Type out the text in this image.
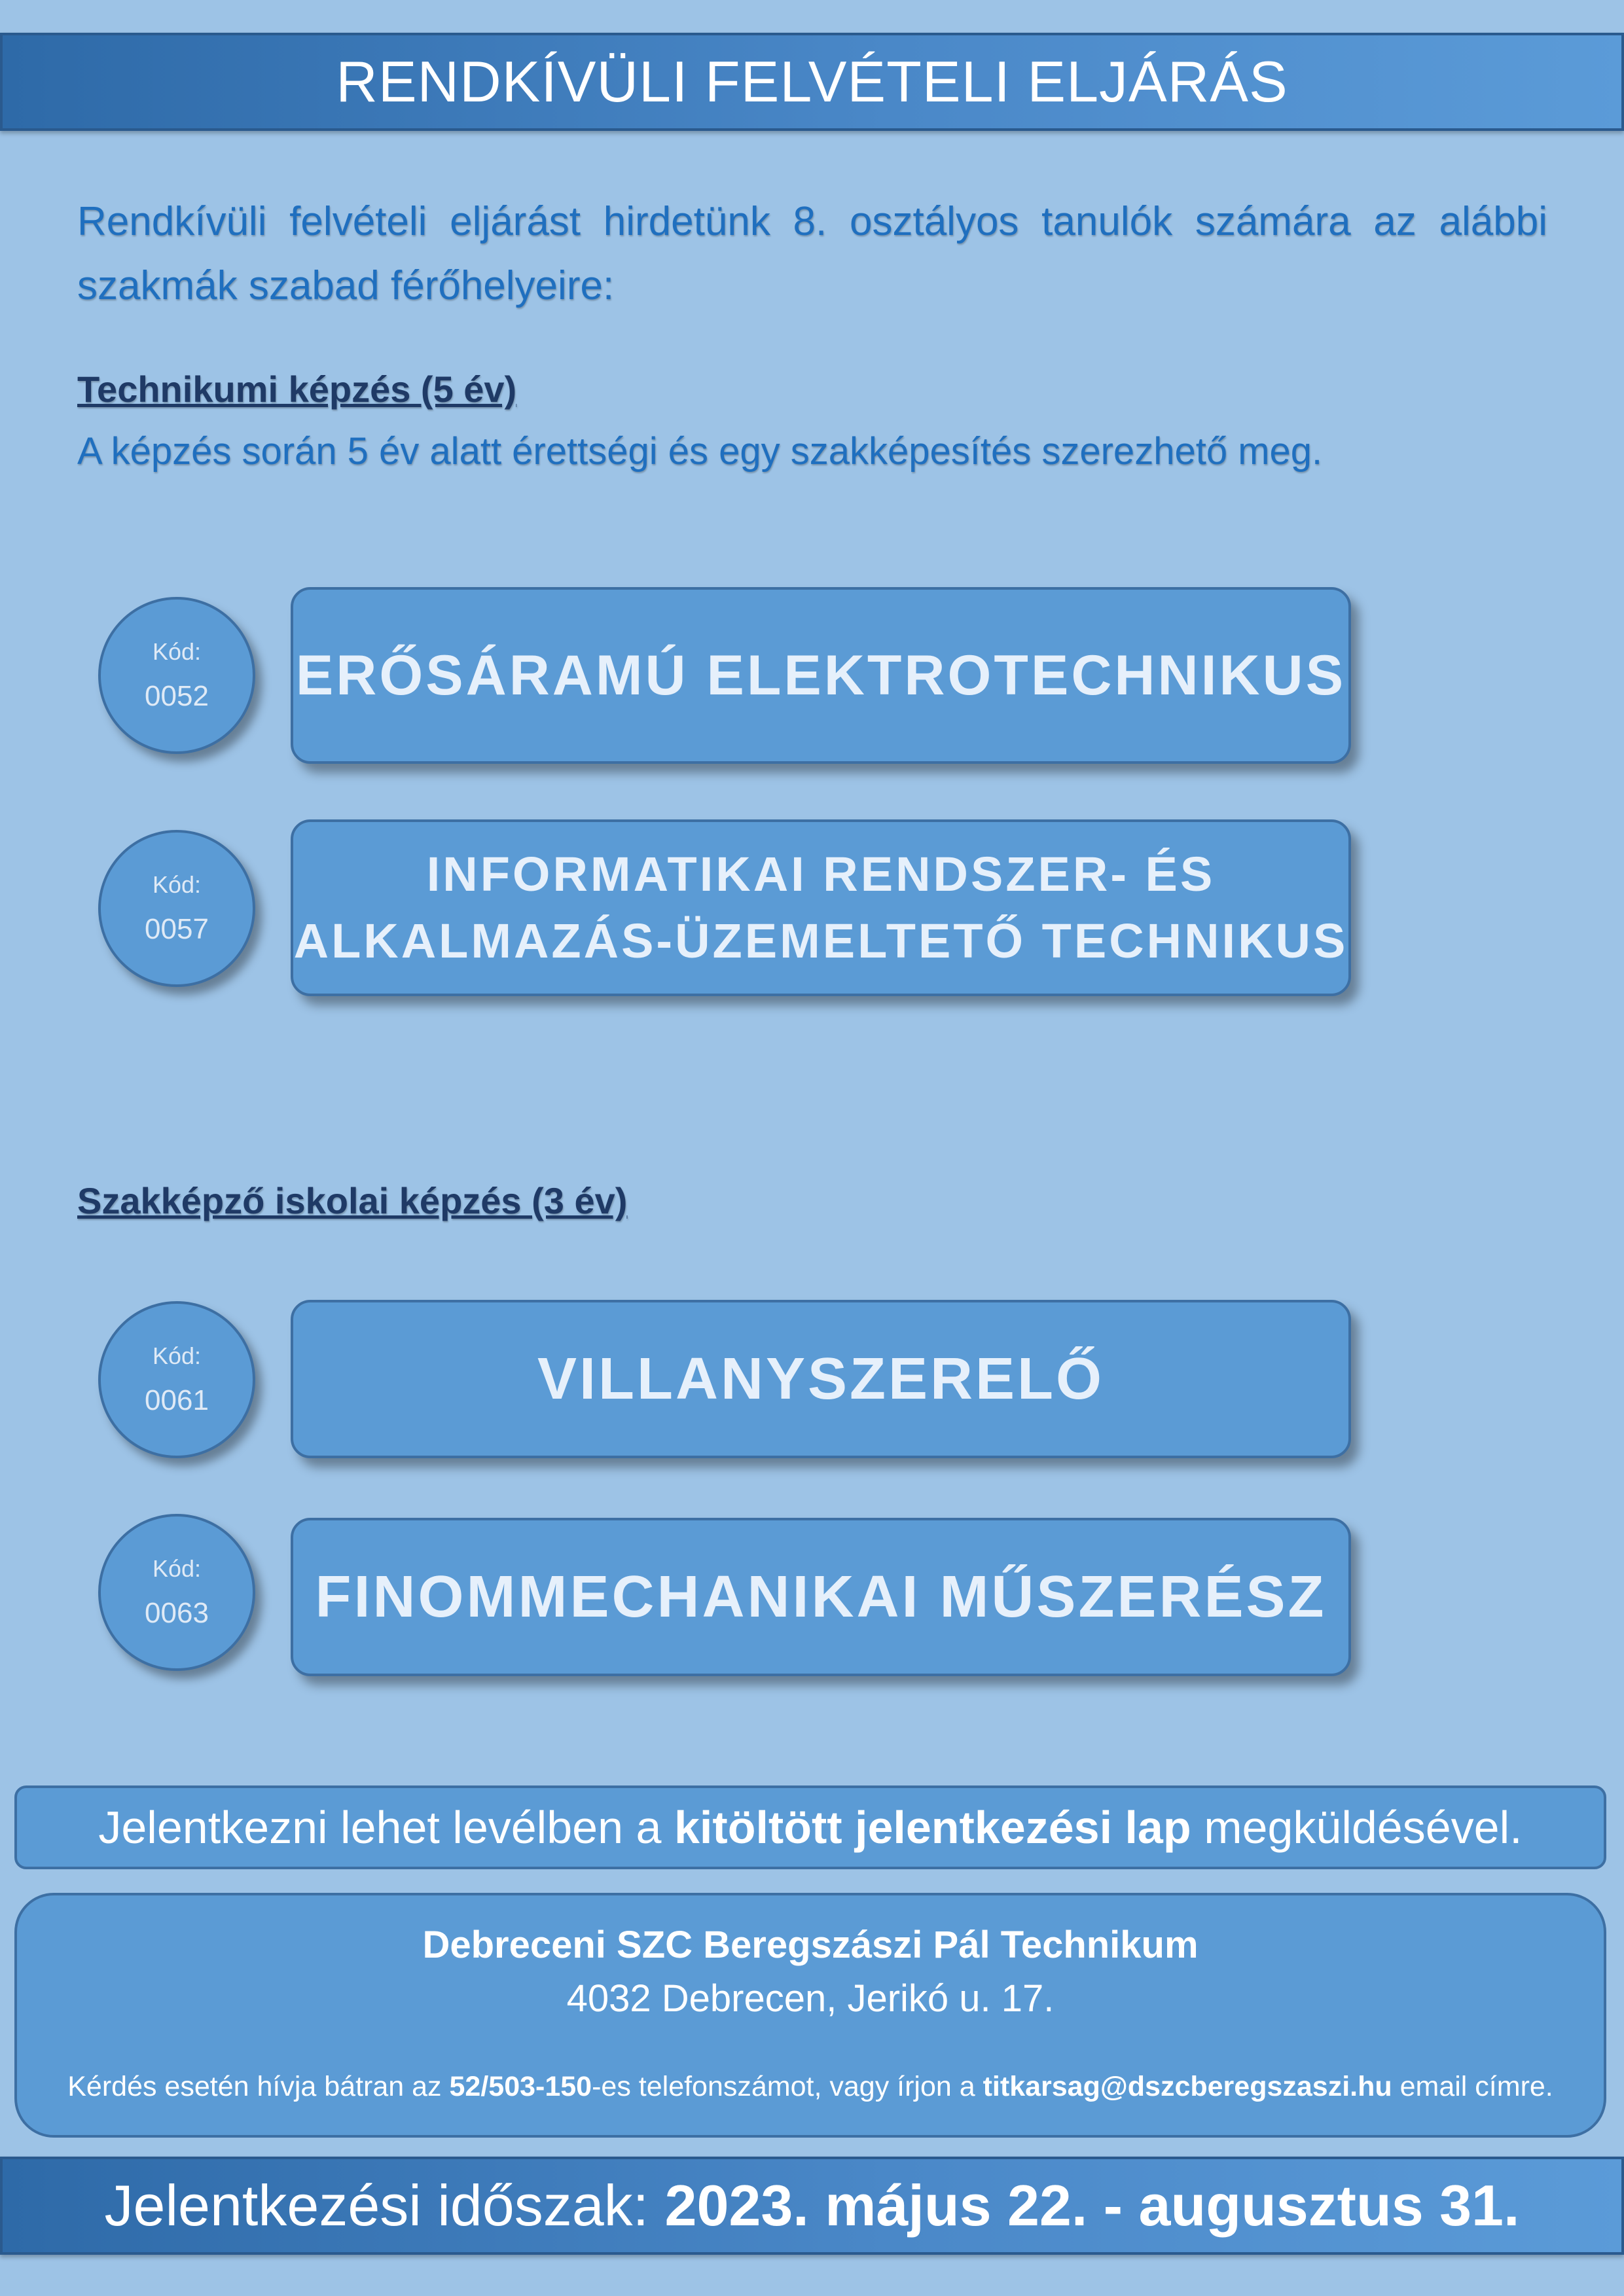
RENDKÍVÜLI FELVÉTELI ELJÁRÁS
Rendkívüli felvételi eljárást hirdetünk 8. osztályos tanulók számára az alábbi szakmák szabad férőhelyeire:
Technikumi képzés (5 év)
A képzés során 5 év alatt érettségi és egy szakképesítés szerezhető meg.
Kód:
0052 ERŐSÁRAMÚ ELEKTROTECHNIKUS
Kód:
0057
INFORMATIKAI RENDSZER- ÉS
ALKALMAZÁS-ÜZEMELTETŐ TECHNIKUS
Szakképző iskolai képzés (3 év)
Kód:
0061	VILLANYSZERELŐ
Kód:
0063 FINOMMECHANIKAI MŰSZERÉSZ
Jelentkezni lehet levélben a kitöltött jelentkezési lap megküldésével.
Debreceni SZC Beregszászi Pál Technikum
4032 Debrecen, Jerikó u. 17.
Kérdés esetén hívja bátran az 52/503-150-es telefonszámot, vagy írjon a titkarsag@dszcberegszaszi.hu email címre.
Jelentkezési időszak:
2023. május 22. - augusztus 31.
